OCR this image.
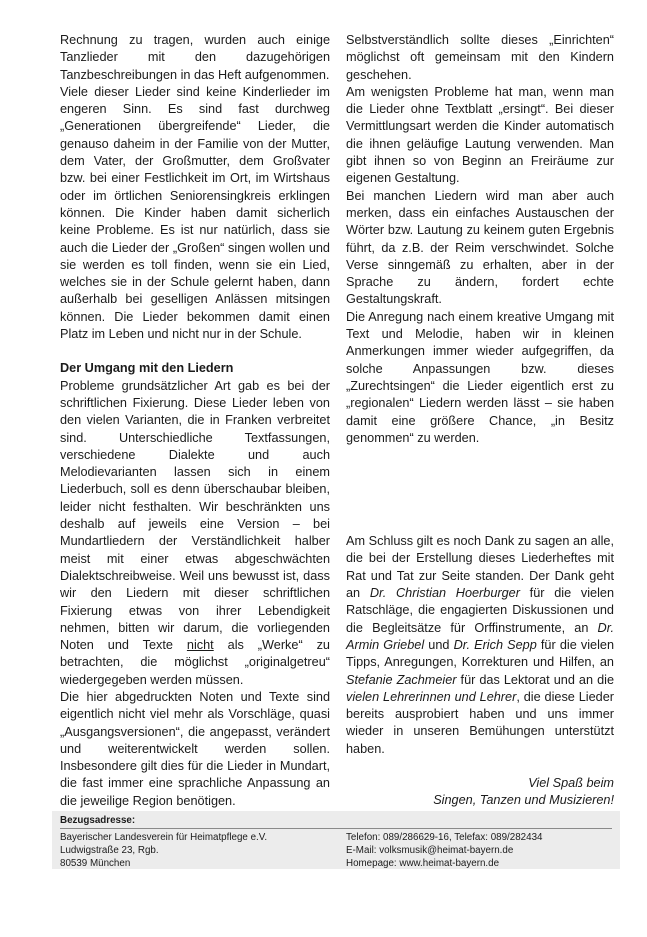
Rechnung zu tragen, wurden auch einige Tanzlieder mit den dazugehörigen Tanzbeschreibungen in das Heft aufgenommen.

Viele dieser Lieder sind keine Kinderlieder im engeren Sinn. Es sind fast durchweg „Generationen übergreifende“ Lieder, die genauso daheim in der Familie von der Mutter, dem Vater, der Großmutter, dem Großvater bzw. bei einer Festlichkeit im Ort, im Wirtshaus oder im örtlichen Seniorensingkreis erklingen können. Die Kinder haben damit sicherlich keine Probleme. Es ist nur natürlich, dass sie auch die Lieder der „Großen“ singen wollen und sie werden es toll finden, wenn sie ein Lied, welches sie in der Schule gelernt haben, dann außerhalb bei geselligen Anlässen mitsingen können. Die Lieder bekommen damit einen Platz im Leben und nicht nur in der Schule.

Der Umgang mit den Liedern

Probleme grundsätzlicher Art gab es bei der schriftlichen Fixierung. Diese Lieder leben von den vielen Varianten, die in Franken verbreitet sind. Unterschiedliche Textfassungen, verschiedene Dialekte und auch Melodievarianten lassen sich in einem Liederbuch, soll es denn überschaubar bleiben, leider nicht festhalten. Wir beschränkten uns deshalb auf jeweils eine Version – bei Mundartliedern der Verständlichkeit halber meist mit einer etwas abgeschwächten Dialektschreibweise. Weil uns bewusst ist, dass wir den Liedern mit dieser schriftlichen Fixierung etwas von ihrer Lebendigkeit nehmen, bitten wir darum, die vorliegenden Noten und Texte nicht als „Werke“ zu betrachten, die möglichst „originalgetreu“ wiedergegeben werden müssen.

Die hier abgedruckten Noten und Texte sind eigentlich nicht viel mehr als Vorschläge, quasi „Ausgangsversionen“, die angepasst, verändert und weiterentwickelt werden sollen. Insbesondere gilt dies für die Lieder in Mundart, die fast immer eine sprachliche Anpassung an die jeweilige Region benötigen.

Selbstverständlich sollte dieses „Einrichten“ möglichst oft gemeinsam mit den Kindern geschehen.

Am wenigsten Probleme hat man, wenn man die Lieder ohne Textblatt „ersingt“. Bei dieser Vermittlungsart werden die Kinder automatisch die ihnen geläufige Lautung verwenden. Man gibt ihnen so von Beginn an Freiräume zur eigenen Gestaltung.

Bei manchen Liedern wird man aber auch merken, dass ein einfaches Austauschen der Wörter bzw. Lautung zu keinem guten Ergebnis führt, da z.B. der Reim verschwindet. Solche Verse sinngemäß zu erhalten, aber in der Sprache zu ändern, fordert echte Gestaltungskraft.

Die Anregung nach einem kreative Umgang mit Text und Melodie, haben wir in kleinen Anmerkungen immer wieder aufgegriffen, da solche Anpassungen bzw. dieses „Zurechtsingen“ die Lieder eigentlich erst zu „regionalen“ Liedern werden lässt – sie haben damit eine größere Chance, „in Besitz genommen“ zu werden.

Am Schluss gilt es noch Dank zu sagen an alle, die bei der Erstellung dieses Liederheftes mit Rat und Tat zur Seite standen. Der Dank geht an Dr. Christian Hoerburger für die vielen Ratschläge, die engagierten Diskussionen und die Begleitsätze für Orffinstrumente, an Dr. Armin Griebel und Dr. Erich Sepp für die vielen Tipps, Anregungen, Korrekturen und Hilfen, an Stefanie Zachmeier für das Lektorat und an die vielen Lehrerinnen und Lehrer, die diese Lieder bereits ausprobiert haben und uns immer wieder in unseren Bemühungen unterstützt haben.

Viel Spaß beim
Singen, Tanzen und Musizieren!
Bezugsadresse:
Bayerischer Landesverein für Heimatpflege e.V.
Ludwigstraße 23, Rgb.
80539 München
Telefon: 089/286629-16, Telefax: 089/282434
E-Mail: volksmusik@heimat-bayern.de
Homepage: www.heimat-bayern.de
